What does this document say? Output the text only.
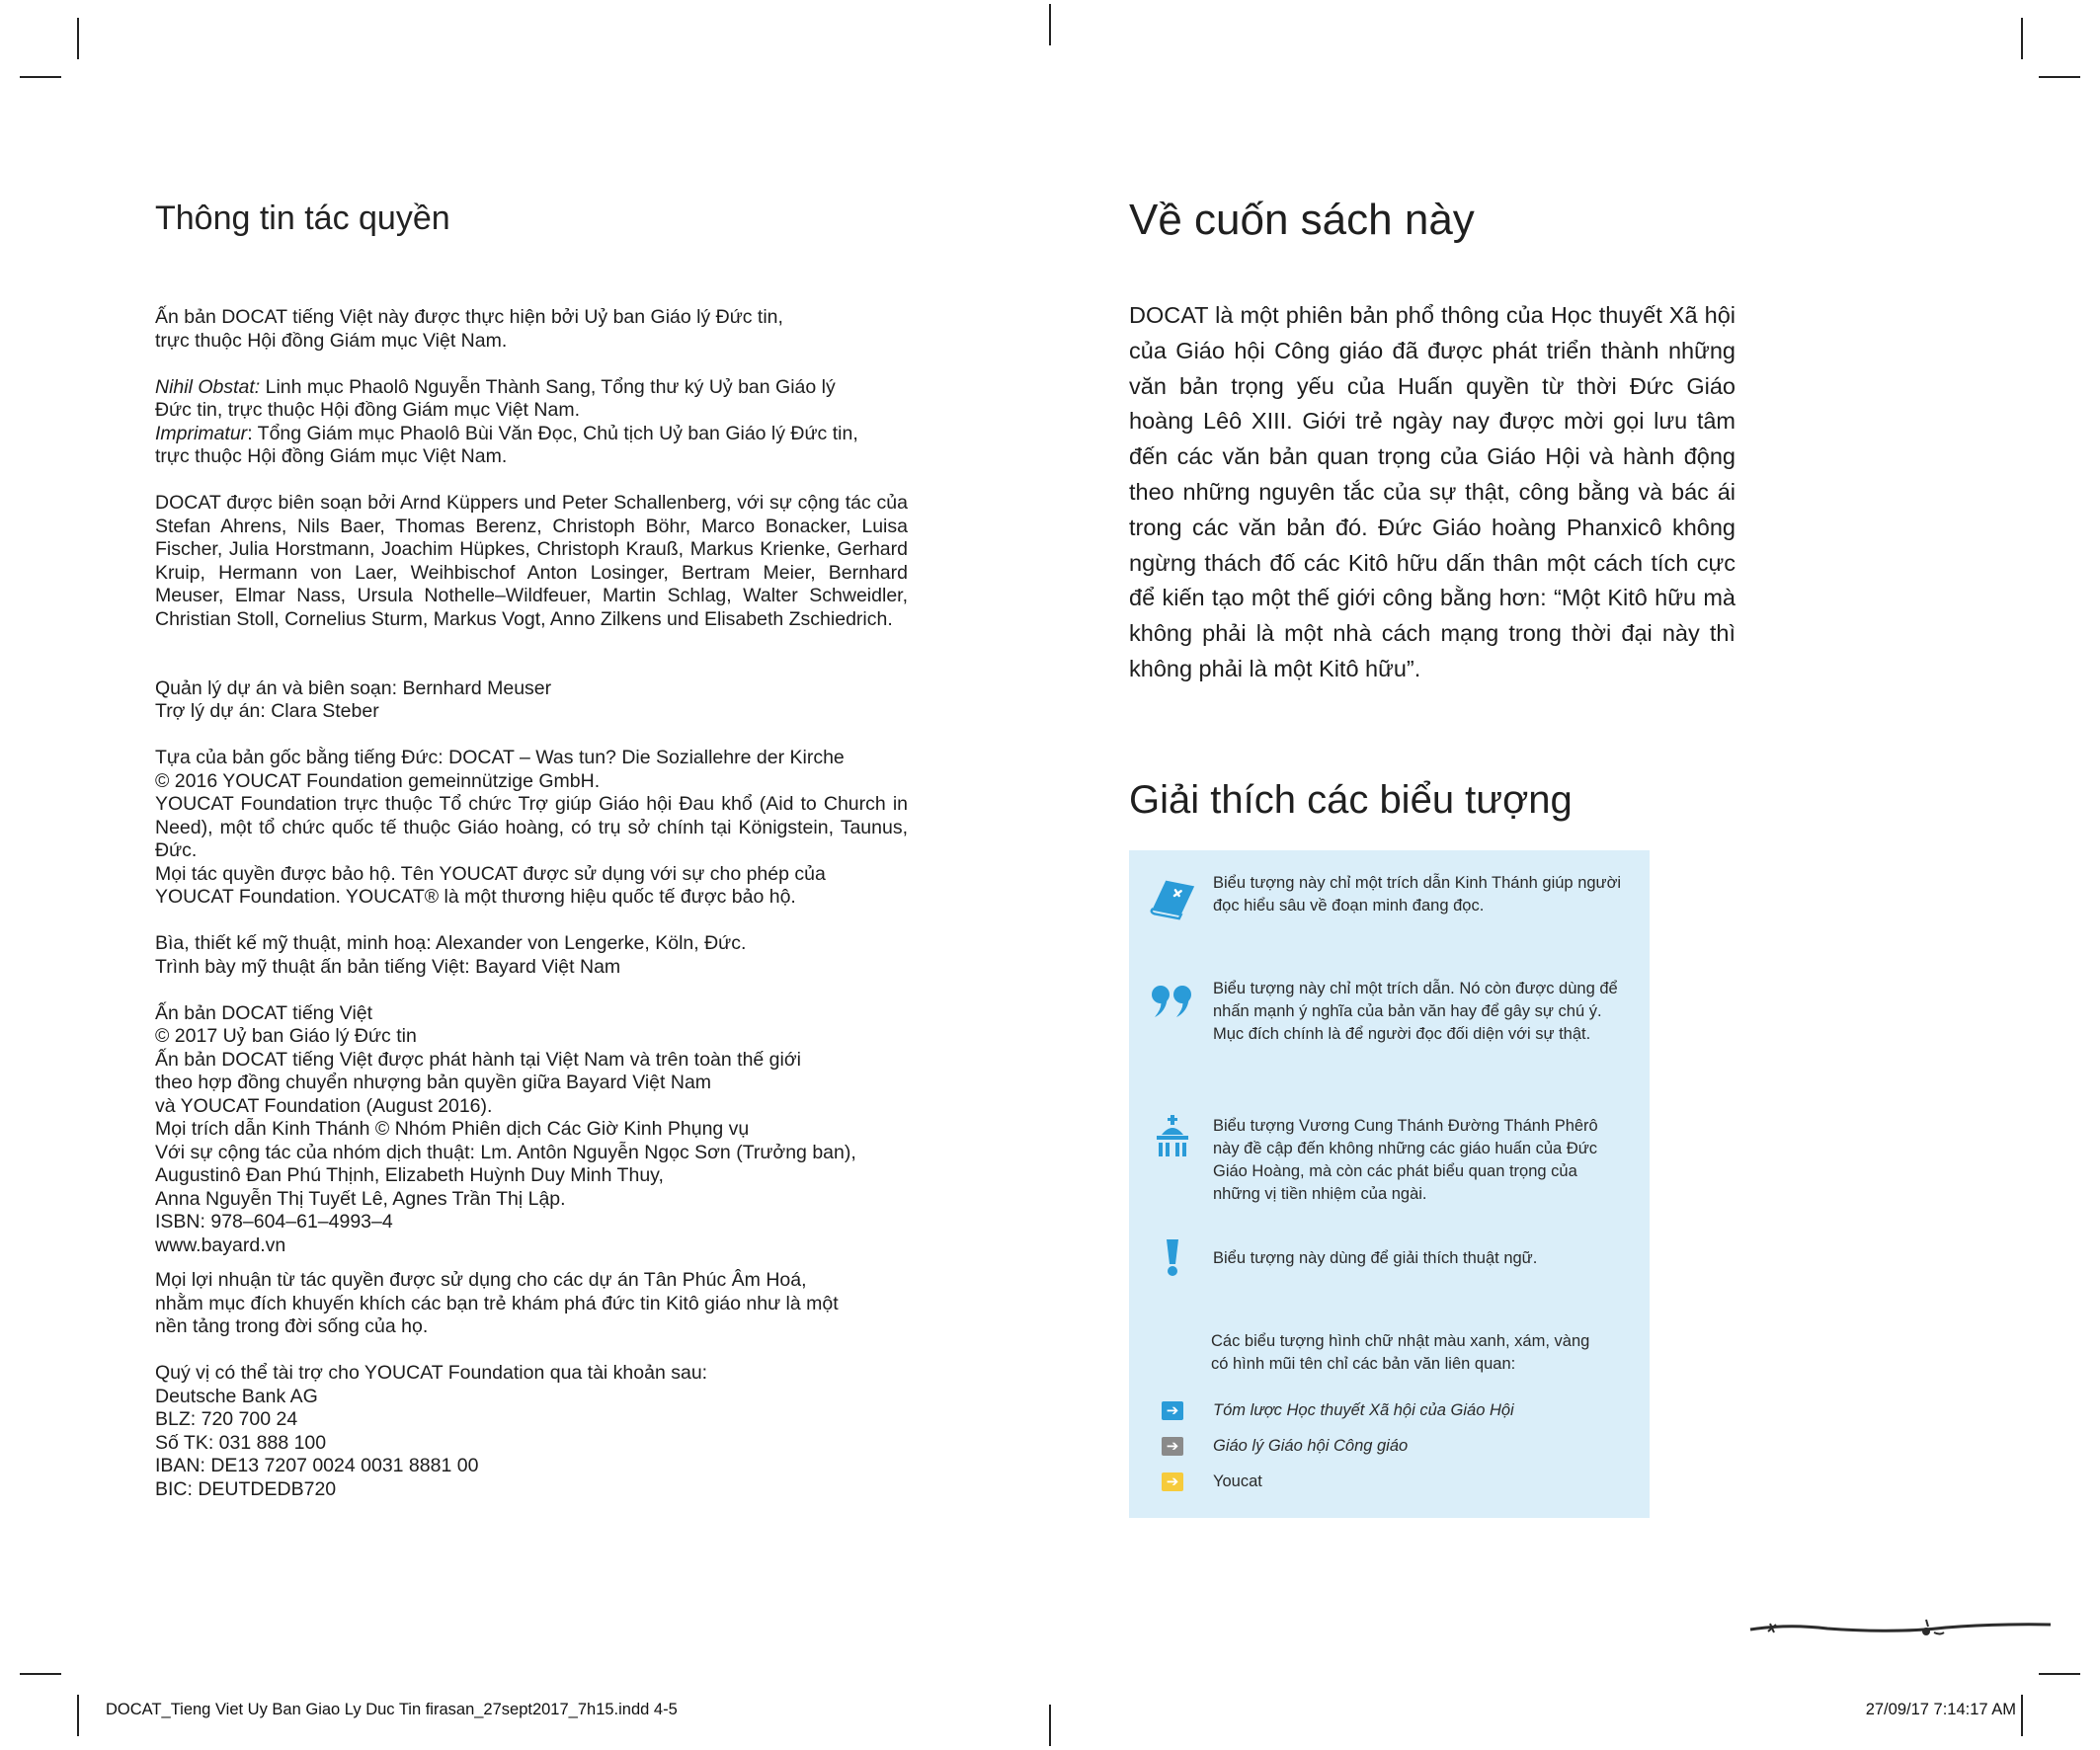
Thông tin tác quyền

Ấn bản DOCAT tiếng Việt này được thực hiện bởi Uỷ ban Giáo lý Đức tin,
trực thuộc Hội đồng Giám mục Việt Nam.

Nihil Obstat: Linh mục Phaolô Nguyễn Thành Sang, Tổng thư ký Uỷ ban Giáo lý
Đức tin, trực thuộc Hội đồng Giám mục Việt Nam.
Imprimatur: Tổng Giám mục Phaolô Bùi Văn Đọc, Chủ tịch Uỷ ban Giáo lý Đức tin,
trực thuộc Hội đồng Giám mục Việt Nam.

DOCAT được biên soạn bởi Arnd Küppers und Peter Schallenberg, với sự cộng tác của Stefan Ahrens, Nils Baer, Thomas Berenz, Christoph Böhr, Marco Bonacker, Luisa Fischer, Julia Horstmann, Joachim Hüpkes, Christoph Krauß, Markus Krienke, Gerhard Kruip, Hermann von Laer, Weihbischof Anton Losinger, Bertram Meier, Bernhard Meuser, Elmar Nass, Ursula Nothelle–Wildfeuer, Martin Schlag, Walter Schweidler, Christian Stoll, Cornelius Sturm, Markus Vogt, Anno Zilkens und Elisabeth Zschiedrich.

Quản lý dự án và biên soạn: Bernhard Meuser
Trợ lý dự án: Clara Steber

Tựa của bản gốc bằng tiếng Đức: DOCAT – Was tun? Die Soziallehre der Kirche
© 2016 YOUCAT Foundation gemeinnützige GmbH.
YOUCAT Foundation trực thuộc Tổ chức Trợ giúp Giáo hội Đau khổ (Aid to Church in Need), một tổ chức quốc tế thuộc Giáo hoàng, có trụ sở chính tại Königstein, Taunus, Đức.
Mọi tác quyền được bảo hộ. Tên YOUCAT được sử dụng với sự cho phép của
YOUCAT Foundation. YOUCAT® là một thương hiệu quốc tế được bảo hộ.

Bìa, thiết kế mỹ thuật, minh hoạ: Alexander von Lengerke, Köln, Đức.
Trình bày mỹ thuật ấn bản tiếng Việt: Bayard Việt Nam

Ấn bản DOCAT tiếng Việt
© 2017 Uỷ ban Giáo lý Đức tin
Ấn bản DOCAT tiếng Việt được phát hành tại Việt Nam và trên toàn thế giới
theo hợp đồng chuyển nhượng bản quyền giữa Bayard Việt Nam
và YOUCAT Foundation (August 2016).
Mọi trích dẫn Kinh Thánh © Nhóm Phiên dịch Các Giờ Kinh Phụng vụ
Với sự cộng tác của nhóm dịch thuật: Lm. Antôn Nguyễn Ngọc Sơn (Trưởng ban),
Augustinô Đan Phú Thịnh, Elizabeth Huỳnh Duy Minh Thuy,
Anna Nguyễn Thị Tuyết Lê, Agnes Trần Thị Lập.
ISBN: 978–604–61–4993–4
www.bayard.vn

Mọi lợi nhuận từ tác quyền được sử dụng cho các dự án Tân Phúc Âm Hoá,
nhằm mục đích khuyến khích các bạn trẻ khám phá đức tin Kitô giáo như là một
nền tảng trong đời sống của họ.

Quý vị có thể tài trợ cho YOUCAT Foundation qua tài khoản sau:
Deutsche Bank AG
BLZ: 720 700 24
Số TK: 031 888 100
IBAN: DE13 7207 0024 0031 8881 00
BIC: DEUTDEDB720

Về cuốn sách này
DOCAT là một phiên bản phổ thông của Học thuyết Xã hội của Giáo hội Công giáo đã được phát triển thành những văn bản trọng yếu của Huấn quyền từ thời Đức Giáo hoàng Lêô XIII. Giới trẻ ngày nay được mời gọi lưu tâm đến các văn bản quan trọng của Giáo Hội và hành động theo những nguyên tắc của sự thật, công bằng và bác ái trong các văn bản đó. Đức Giáo hoàng Phanxicô không ngừng thách đố các Kitô hữu dấn thân một cách tích cực để kiến tạo một thế giới công bằng hơn: “Một Kitô hữu mà không phải là một nhà cách mạng trong thời đại này thì không phải là một Kitô hữu”.
Giải thích các biểu tượng
Biểu tượng này chỉ một trích dẫn Kinh Thánh giúp người đọc hiểu sâu về đoạn minh đang đọc.
Biểu tượng này chỉ một trích dẫn. Nó còn được dùng để nhấn mạnh ý nghĩa của bản văn hay để gây sự chú ý. Mục đích chính là để người đọc đối diện với sự thật.
Biểu tượng Vương Cung Thánh Đường Thánh Phêrô này đề cập đến không những các giáo huấn của Đức Giáo Hoàng, mà còn các phát biểu quan trọng của những vị tiền nhiệm của ngài.
Biểu tượng này dùng để giải thích thuật ngữ.
Các biểu tượng hình chữ nhật màu xanh, xám, vàng có hình mũi tên chỉ các bản văn liên quan:
➔ Tóm lược Học thuyết Xã hội của Giáo Hội
➔ Giáo lý Giáo hội Công giáo
➔ Youcat
DOCAT_Tieng Viet Uy Ban Giao Ly Duc Tin firasan_27sept2017_7h15.indd 4-5	27/09/17 7:14:17 AM
